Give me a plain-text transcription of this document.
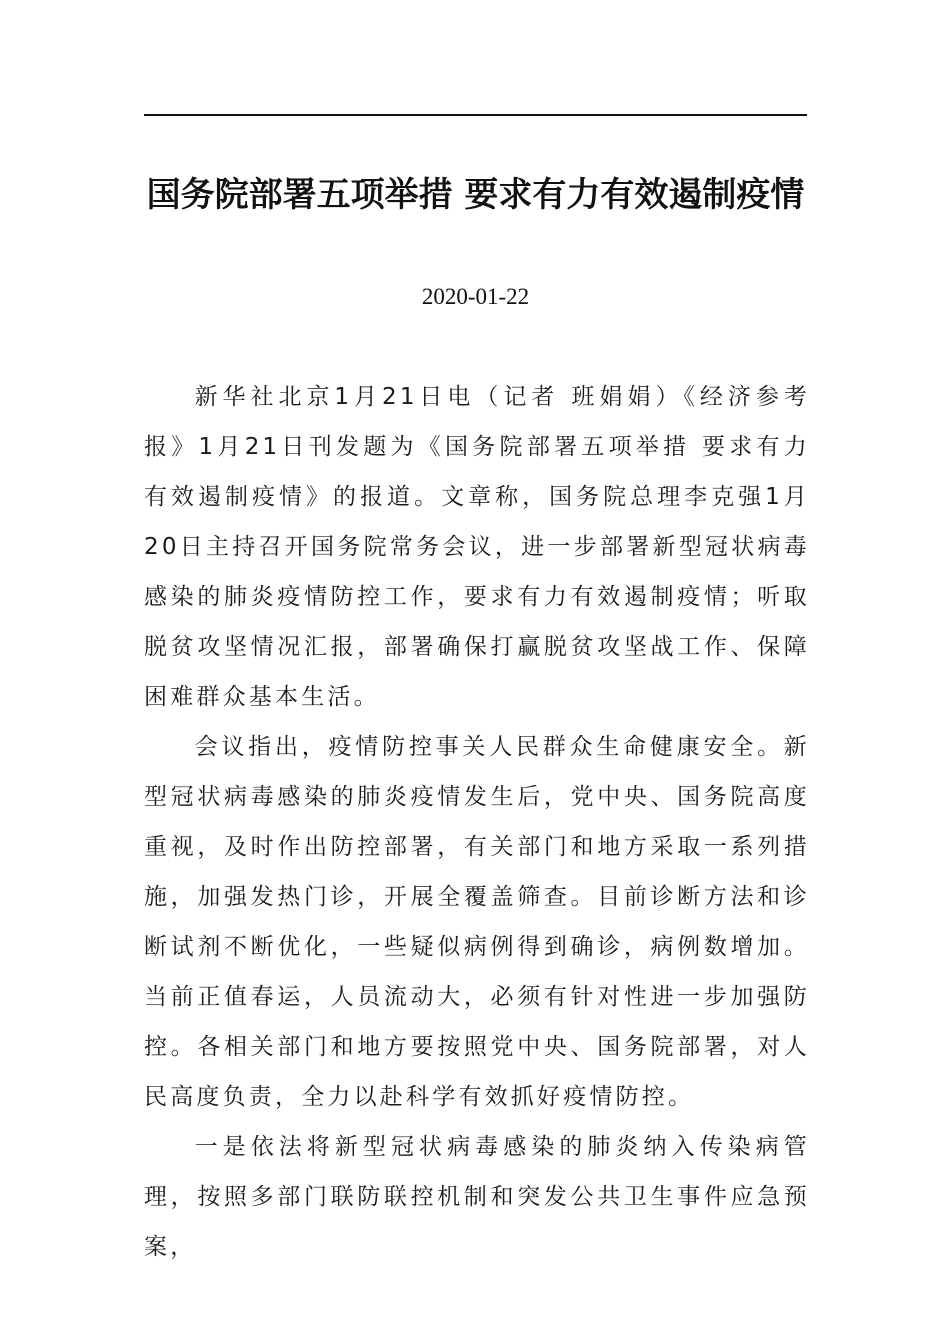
国务院部署五项举措 要求有力有效遏制疫情
2020-01-22

新华社北京1月21日电（记者 班娟娟）《经济参考报》1月21日刊发题为《国务院部署五项举措 要求有力有效遏制疫情》的报道。文章称，国务院总理李克强1月20日主持召开国务院常务会议，进一步部署新型冠状病毒感染的肺炎疫情防控工作，要求有力有效遏制疫情；听取脱贫攻坚情况汇报，部署确保打赢脱贫攻坚战工作、保障困难群众基本生活。

会议指出，疫情防控事关人民群众生命健康安全。新型冠状病毒感染的肺炎疫情发生后，党中央、国务院高度重视，及时作出防控部署，有关部门和地方采取一系列措施，加强发热门诊，开展全覆盖筛查。目前诊断方法和诊断试剂不断优化，一些疑似病例得到确诊，病例数增加。当前正值春运，人员流动大，必须有针对性进一步加强防控。各相关部门和地方要按照党中央、国务院部署，对人民高度负责，全力以赴科学有效抓好疫情防控。

一是依法将新型冠状病毒感染的肺炎纳入传染病管理，按照多部门联防联控机制和突发公共卫生事件应急预案，
